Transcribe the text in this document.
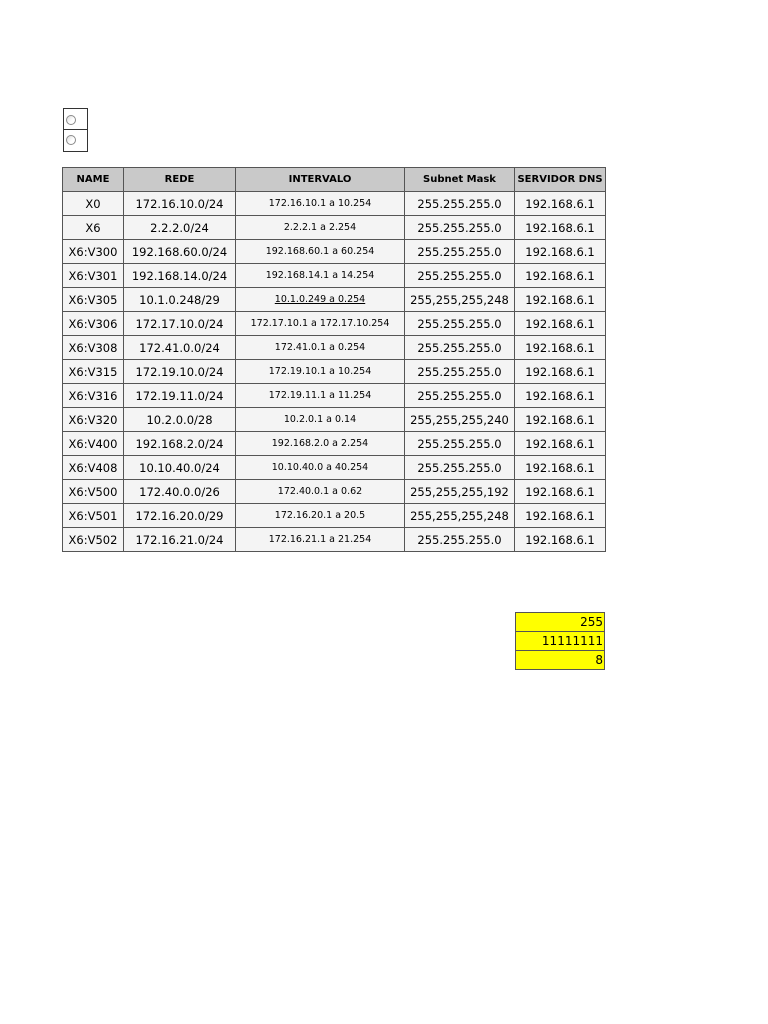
NAME	REDE	INTERVALO	Subnet Mask	SERVIDOR DNS
X0	172.16.10.0/24	172.16.10.1 a 10.254	255.255.255.0	192.168.6.1
X6	2.2.2.0/24	2.2.2.1 a 2.254	255.255.255.0	192.168.6.1
X6:V300	192.168.60.0/24	192.168.60.1 a 60.254	255.255.255.0	192.168.6.1
X6:V301	192.168.14.0/24	192.168.14.1 a 14.254	255.255.255.0	192.168.6.1
X6:V305	10.1.0.248/29	10.1.0.249 a 0.254	255,255,255,248	192.168.6.1
X6:V306	172.17.10.0/24	172.17.10.1 a 172.17.10.254	255.255.255.0	192.168.6.1
X6:V308	172.41.0.0/24	172.41.0.1 a 0.254	255.255.255.0	192.168.6.1
X6:V315	172.19.10.0/24	172.19.10.1 a 10.254	255.255.255.0	192.168.6.1
X6:V316	172.19.11.0/24	172.19.11.1 a 11.254	255.255.255.0	192.168.6.1
X6:V320	10.2.0.0/28	10.2.0.1 a 0.14	255,255,255,240	192.168.6.1
X6:V400	192.168.2.0/24	192.168.2.0 a 2.254	255.255.255.0	192.168.6.1
X6:V408	10.10.40.0/24	10.10.40.0 a 40.254	255.255.255.0	192.168.6.1
X6:V500	172.40.0.0/26	172.40.0.1 a 0.62	255,255,255,192	192.168.6.1
X6:V501	172.16.20.0/29	172.16.20.1 a 20.5	255,255,255,248	192.168.6.1
X6:V502	172.16.21.0/24	172.16.21.1 a 21.254	255.255.255.0	192.168.6.1
255
11111111
8
